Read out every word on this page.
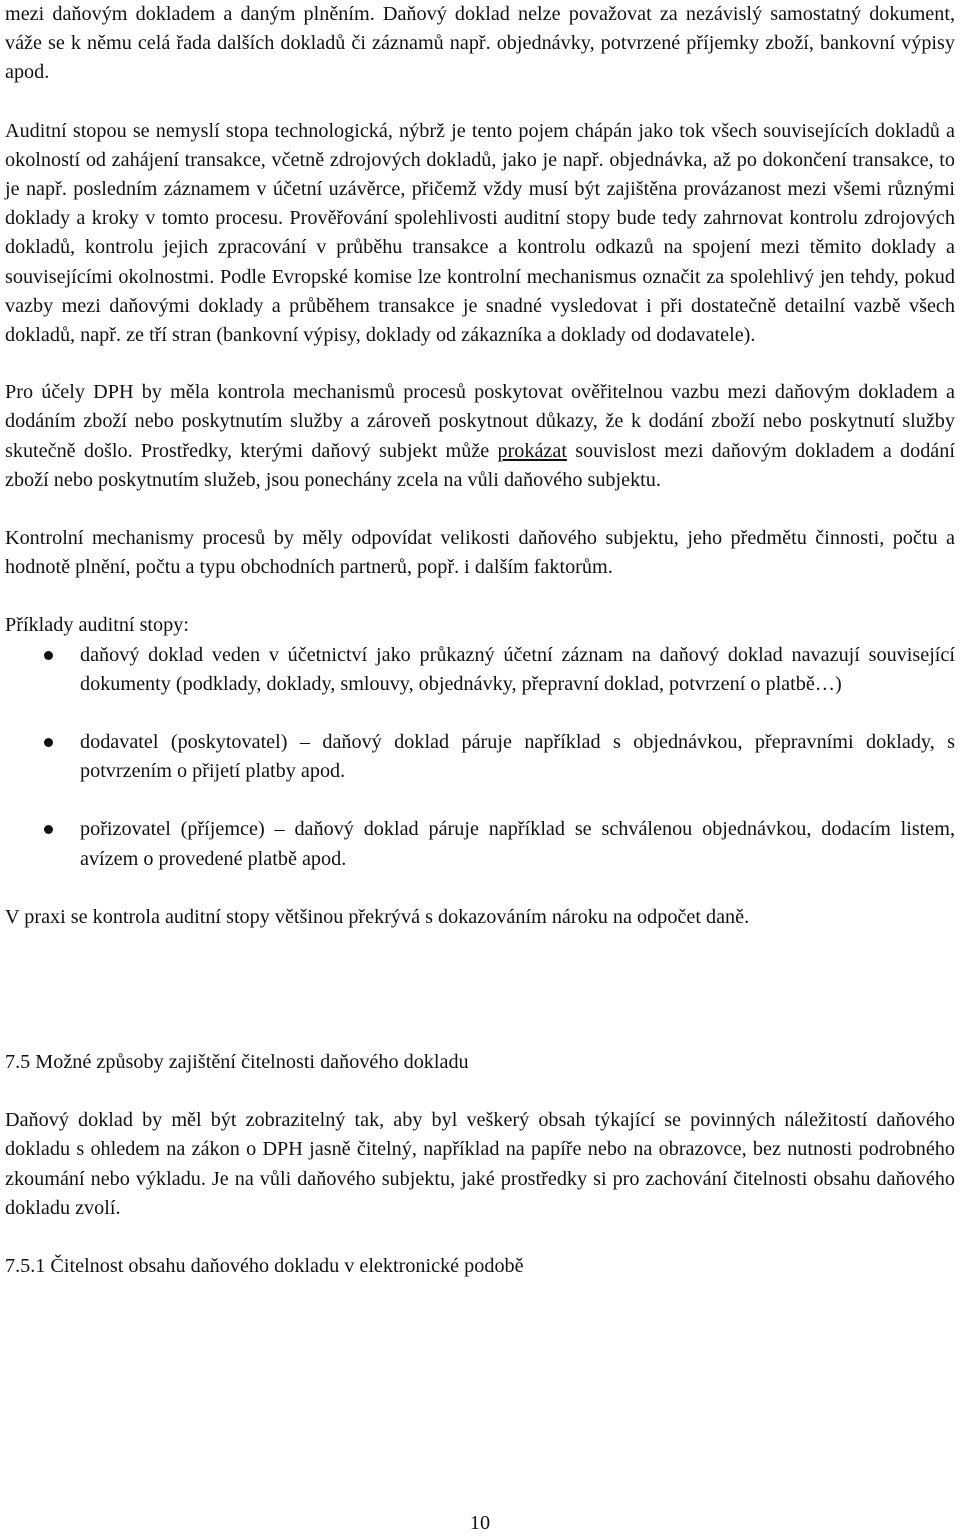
mezi daňovým dokladem a daným plněním. Daňový doklad nelze považovat za nezávislý samostatný dokument, váže se k němu celá řada dalších dokladů či záznamů např. objednávky, potvrzené příjemky zboží, bankovní výpisy apod.

Auditní stopou se nemyslí stopa technologická, nýbrž je tento pojem chápán jako tok všech souvisejících dokladů a okolností od zahájení transakce, včetně zdrojových dokladů, jako je např. objednávka, až po dokončení transakce, to je např. posledním záznamem v účetní uzávěrce, přičemž vždy musí být zajištěna provázanost mezi všemi různými doklady a kroky v tomto procesu. Prověřování spolehlivosti auditní stopy bude tedy zahrnovat kontrolu zdrojových dokladů, kontrolu jejich zpracování v průběhu transakce a kontrolu odkazů na spojení mezi těmito doklady a souvisejícími okolnostmi. Podle Evropské komise lze kontrolní mechanismus označit za spolehlivý jen tehdy, pokud vazby mezi daňovými doklady a průběhem transakce je snadné vysledovat i při dostatečně detailní vazbě všech dokladů, např. ze tří stran (bankovní výpisy, doklady od zákazníka a doklady od dodavatele).

Pro účely DPH by měla kontrola mechanismů procesů poskytovat ověřitelnou vazbu mezi daňovým dokladem a dodáním zboží nebo poskytnutím služby a zároveň poskytnout důkazy, že k dodání zboží nebo poskytnutí služby skutečně došlo. Prostředky, kterými daňový subjekt může prokázat souvislost mezi daňovým dokladem a dodání zboží nebo poskytnutím služeb, jsou ponechány zcela na vůli daňového subjektu.

Kontrolní mechanismy procesů by měly odpovídat velikosti daňového subjektu, jeho předmětu činnosti, počtu a hodnotě plnění, počtu a typu obchodních partnerů, popř. i dalším faktorům.

Příklady auditní stopy:

daňový doklad veden v účetnictví jako průkazný účetní záznam na daňový doklad navazují související dokumenty (podklady, doklady, smlouvy, objednávky, přepravní doklad, potvrzení o platbě…)

dodavatel (poskytovatel) – daňový doklad páruje například s objednávkou, přepravními doklady, s potvrzením o přijetí platby apod.

pořizovatel (příjemce) – daňový doklad páruje například se schválenou objednávkou, dodacím listem, avízem o provedené platbě apod.

V praxi se kontrola auditní stopy většinou překrývá s dokazováním nároku na odpočet daně.

7.5 Možné způsoby zajištění čitelnosti daňového dokladu

Daňový doklad by měl být zobrazitelný tak, aby byl veškerý obsah týkající se povinných náležitostí daňového dokladu s ohledem na zákon o DPH jasně čitelný, například na papíře nebo na obrazovce, bez nutnosti podrobného zkoumání nebo výkladu. Je na vůli daňového subjektu, jaké prostředky si pro zachování čitelnosti obsahu daňového dokladu zvolí.

7.5.1 Čitelnost obsahu daňového dokladu v elektronické podobě

10
